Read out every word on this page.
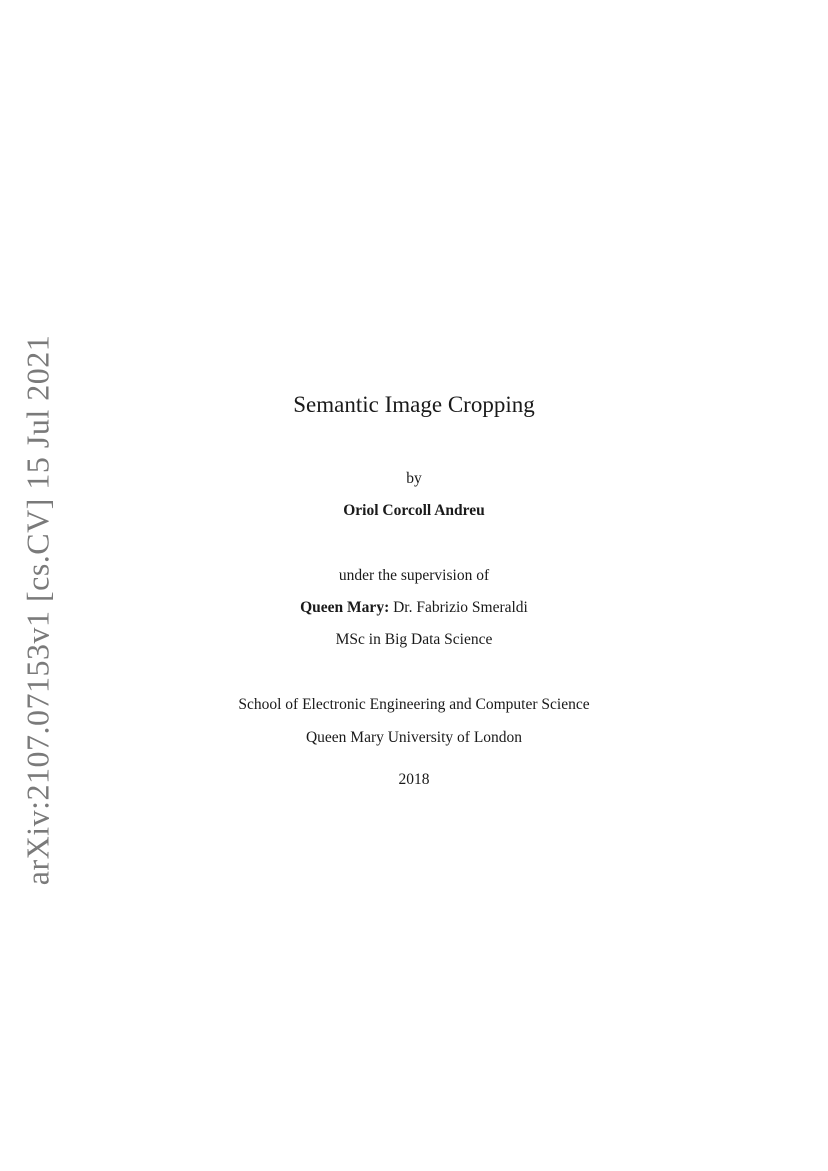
arXiv:2107.07153v1 [cs.CV] 15 Jul 2021	Semantic Image Cropping
by
Oriol Corcoll Andreu
under the supervision of
Queen Mary: Dr. Fabrizio Smeraldi
MSc in Big Data Science
School of Electronic Engineering and Computer Science
Queen Mary University of London
2018
